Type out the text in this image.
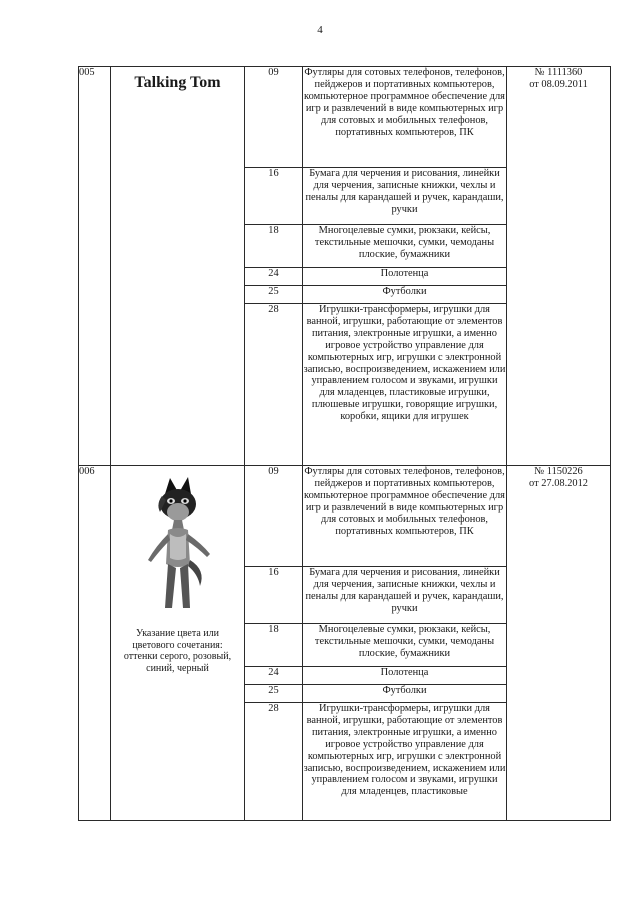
4
005	Talking Tom	09	Футляры для сотовых телефонов, телефонов, пейджеров и портативных компьютеров, компьютерное программное обеспечение для игр и развлечений в виде компьютерных игр для сотовых и мобильных телефонов, портативных компьютеров, ПК	№ 1111360
от 08.09.2011

		16	Бумага для черчения и рисования, линейки для черчения, записные книжки, чехлы и пеналы для карандашей и ручек, карандаши, ручки	
		18	Многоцелевые сумки, рюкзаки, кейсы, текстильные мешочки, сумки, чемоданы плоские, бумажники	
		24	Полотенца	
		25	Футболки	
		28	Игрушки-трансформеры, игрушки для ванной, игрушки, работающие от элементов питания, электронные игрушки, а именно игровое устройство управление для компьютерных игр, игрушки с электронной записью, воспроизведением, искажением или управлением голосом и звуками, игрушки для младенцев, пластиковые игрушки, плюшевые игрушки, говорящие игрушки, коробки, ящики для игрушек	
006	Указание цвета или цветового сочетания: оттенки серого, розовый, синий, черный	09	Футляры для сотовых телефонов, телефонов, пейджеров и портативных компьютеров, компьютерное программное обеспечение для игр и развлечений в виде компьютерных игр для сотовых и мобильных телефонов, портативных компьютеров, ПК	№ 1150226
от 27.08.2012

		16	Бумага для черчения и рисования, линейки для черчения, записные книжки, чехлы и пеналы для карандашей и ручек, карандаши, ручки	
		18	Многоцелевые сумки, рюкзаки, кейсы, текстильные мешочки, сумки, чемоданы плоские, бумажники	
		24	Полотенца	
		25	Футболки	
		28	Игрушки-трансформеры, игрушки для ванной, игрушки, работающие от элементов питания, электронные игрушки, а именно игровое устройство управление для компьютерных игр, игрушки с электронной записью, воспроизведением, искажением или управлением голосом и звуками, игрушки для младенцев, пластиковые	
